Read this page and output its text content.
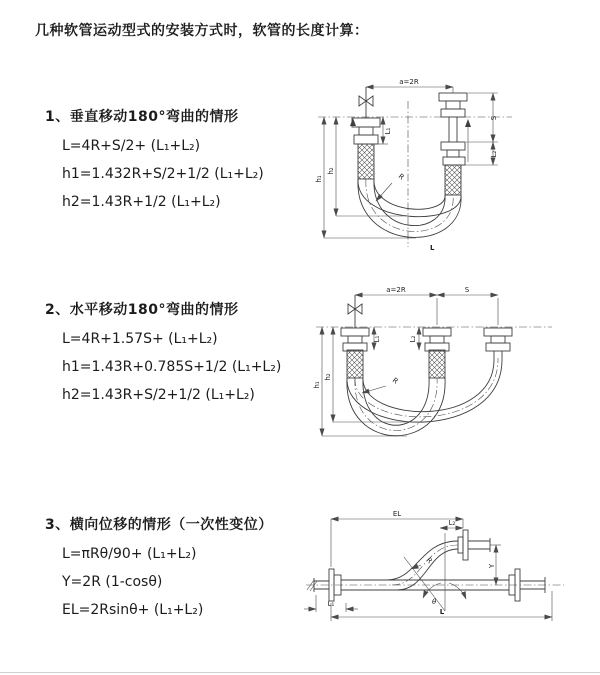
几种软管运动型式的安装方式时，软管的长度计算：
1、垂直移动180°弯曲的情形
L=4R+S/2+ (L₁+L₂)
h1=1.432R+S/2+1/2 (L₁+L₂)
h2=1.43R+1/2 (L₁+L₂)
2、水平移动180°弯曲的情形
L=4R+1.57S+ (L₁+L₂)
h1=1.43R+0.785S+1/2 (L₁+L₂)
h2=1.43R+S/2+1/2 (L₁+L₂)
3、横向位移的情形（一次性变位）
L=πRθ/90+ (L₁+L₂)
Y=2R (1-cosθ)
EL=2Rsinθ+ (L₁+L₂)
a=2R
h₁
h₂
L₁
S
L₂
R
L
a=2R	S
h₁
h₂
L₁	L₂
R
EL
L₂
Y
θ
R
L
L₁
